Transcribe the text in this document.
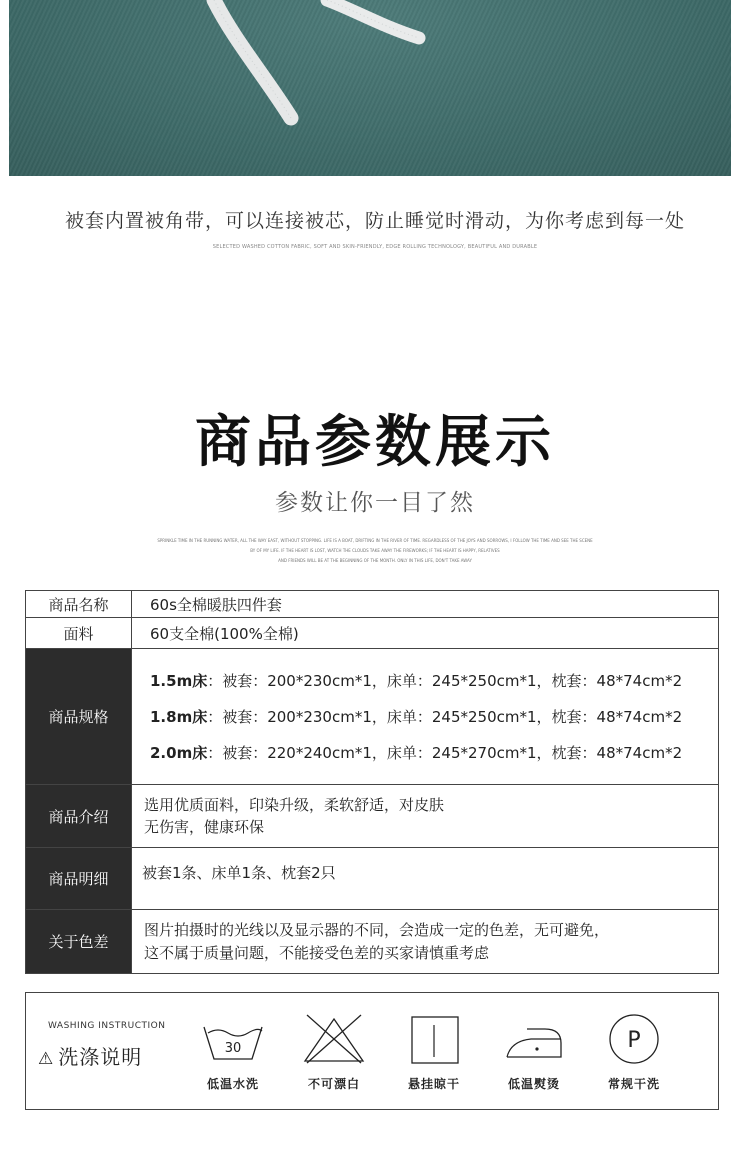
被套内置被角带，可以连接被芯，防止睡觉时滑动，为你考虑到每一处
SELECTED WASHED COTTON FABRIC, SOFT AND SKIN-FRIENDLY, EDGE ROLLING TECHNOLOGY, BEAUTIFUL AND DURABLE
商品参数展示
参数让你一目了然
SPRINKLE TIME IN THE RUNNING WATER, ALL THE WAY EAST, WITHOUT STOPPING. LIFE IS A BOAT, DRIFTING IN THE RIVER OF TIME. REGARDLESS OF THE JOYS AND SORROWS, I FOLLOW THE TIME AND SEE THE SCENE
BY OF MY LIFE. IF THE HEART IS LOST, WATCH THE CLOUDS TAKE AWAY THE FIREWORKS; IF THE HEART IS HAPPY, RELATIVES
AND FRIENDS WILL BE AT THE BEGINNING OF THE MONTH. ONLY IN THIS LIFE, DON'T TAKE AWAY
商品名称	60s全棉暖肤四件套
面料	60支全棉(100%全棉)
商品规格	1.5m床：被套：200*230cm*1，床单：245*250cm*1，枕套：48*74cm*2
1.8m床：被套：200*230cm*1，床单：245*250cm*1，枕套：48*74cm*2
2.0m床：被套：220*240cm*1，床单：245*270cm*1，枕套：48*74cm*2

商品介绍	选用优质面料，印染升级，柔软舒适，对皮肤
无伤害，健康环保

商品明细	被套1条、床单1条、枕套2只
关于色差	图片拍摄时的光线以及显示器的不同，会造成一定的色差，无可避免，
这不属于质量问题，不能接受色差的买家请慎重考虑
WASHING INSTRUCTION
⚠ 洗涤说明	30
低温水洗	不可漂白	悬挂晾干	低温熨烫
P
常规干洗
